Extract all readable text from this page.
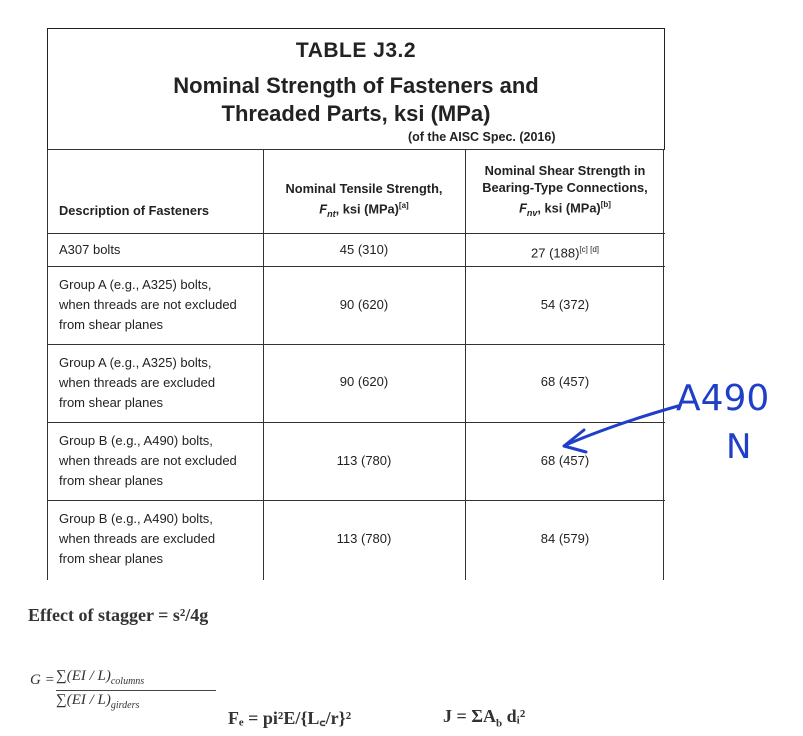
TABLE J3.2
Nominal Strength of Fasteners and
Threaded Parts, ksi (MPa)
(of the AISC Spec. (2016)
Description of Fasteners
Nominal Tensile Strength,
$F_{nt}$, ksi (MPa)[a]
Nominal Shear Strength in
Bearing-Type Connections,
$F_{nv}$, ksi (MPa)[b]
A307 bolts	45 (310)	27 (188)[c] [d]
Group A (e.g., A325) bolts,
when threads are not excluded
from shear planes
90 (620)	54 (372)
Group A (e.g., A325) bolts,
when threads are excluded
from shear planes
90 (620)	68 (457)
Group B (e.g., A490) bolts,
when threads are not excluded
from shear planes
113 (780)	68 (457)
Group B (e.g., A490) bolts,
when threads are excluded
from shear planes
113 (780)	84 (579)
A490
N
Effect of stagger = s²/4g
$G = \sum(EI / L)_{columns}$
$\sum(EI / L)_{girders}$
Fₑ = pi²E/{L꜀/r}²	$J = \Sigma A_b$ dᵢ²
